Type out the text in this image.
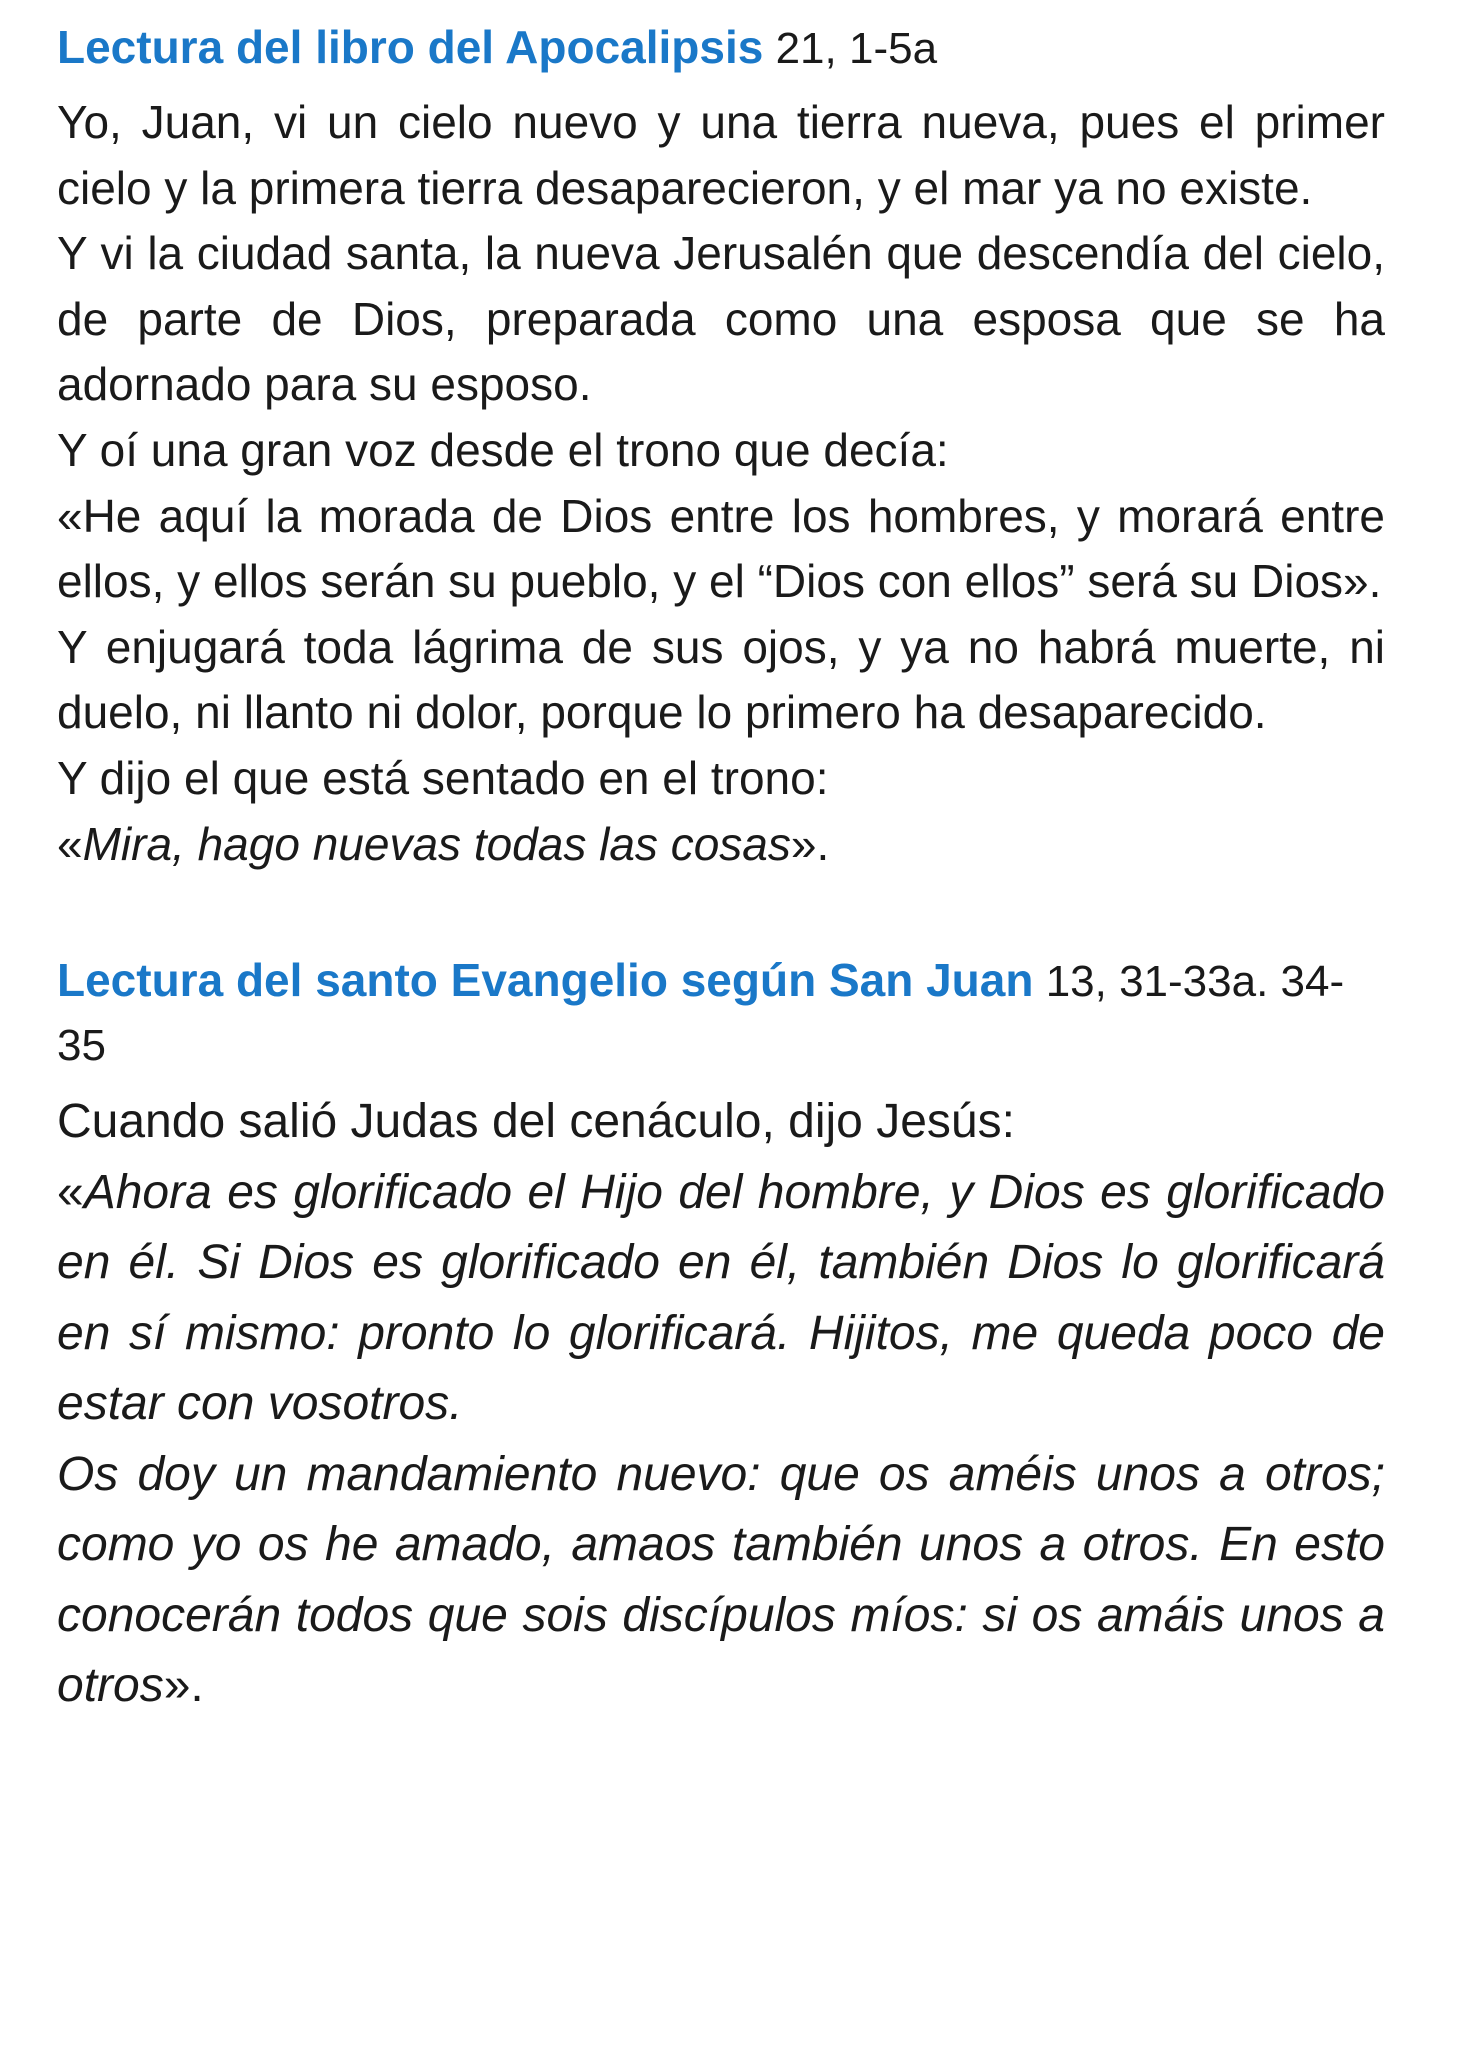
Lectura del libro del Apocalipsis 21, 1-5a

Yo, Juan, vi un cielo nuevo y una tierra nueva, pues el primer cielo y la primera tierra desaparecieron, y el mar ya no existe.

Y vi la ciudad santa, la nueva Jerusalén que descendía del cielo, de parte de Dios, preparada como una esposa que se ha adornado para su esposo.

Y oí una gran voz desde el trono que decía:

«He aquí la morada de Dios entre los hombres, y morará entre ellos, y ellos serán su pueblo, y el “Dios con ellos” será su Dios».

Y enjugará toda lágrima de sus ojos, y ya no habrá muerte, ni duelo, ni llanto ni dolor, porque lo primero ha desaparecido.

Y dijo el que está sentado en el trono:

«Mira, hago nuevas todas las cosas».

Lectura del santo Evangelio según San Juan 13, 31-33a. 34-35

Cuando salió Judas del cenáculo, dijo Jesús:

«Ahora es glorificado el Hijo del hombre, y Dios es glorificado en él. Si Dios es glorificado en él, también Dios lo glorificará en sí mismo: pronto lo glorificará. Hijitos, me queda poco de estar con vosotros.

Os doy un mandamiento nuevo: que os améis unos a otros; como yo os he amado, amaos también unos a otros. En esto conocerán todos que sois discípulos míos: si os amáis unos a otros».
